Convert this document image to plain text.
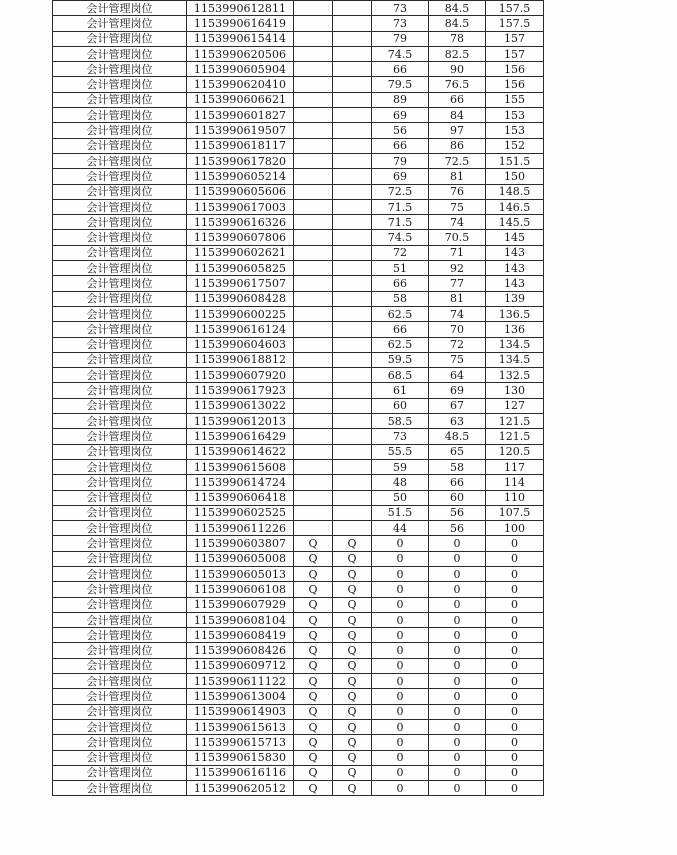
会计管理岗位	1153990612811			73	84.5	157.5
会计管理岗位	1153990616419			73	84.5	157.5
会计管理岗位	1153990615414			79	78	157
会计管理岗位	1153990620506			74.5	82.5	157
会计管理岗位	1153990605904			66	90	156
会计管理岗位	1153990620410			79.5	76.5	156
会计管理岗位	1153990606621			89	66	155
会计管理岗位	1153990601827			69	84	153
会计管理岗位	1153990619507			56	97	153
会计管理岗位	1153990618117			66	86	152
会计管理岗位	1153990617820			79	72.5	151.5
会计管理岗位	1153990605214			69	81	150
会计管理岗位	1153990605606			72.5	76	148.5
会计管理岗位	1153990617003			71.5	75	146.5
会计管理岗位	1153990616326			71.5	74	145.5
会计管理岗位	1153990607806			74.5	70.5	145
会计管理岗位	1153990602621			72	71	143
会计管理岗位	1153990605825			51	92	143
会计管理岗位	1153990617507			66	77	143
会计管理岗位	1153990608428			58	81	139
会计管理岗位	1153990600225			62.5	74	136.5
会计管理岗位	1153990616124			66	70	136
会计管理岗位	1153990604603			62.5	72	134.5
会计管理岗位	1153990618812			59.5	75	134.5
会计管理岗位	1153990607920			68.5	64	132.5
会计管理岗位	1153990617923			61	69	130
会计管理岗位	1153990613022			60	67	127
会计管理岗位	1153990612013			58.5	63	121.5
会计管理岗位	1153990616429			73	48.5	121.5
会计管理岗位	1153990614622			55.5	65	120.5
会计管理岗位	1153990615608			59	58	117
会计管理岗位	1153990614724			48	66	114
会计管理岗位	1153990606418			50	60	110
会计管理岗位	1153990602525			51.5	56	107.5
会计管理岗位	1153990611226			44	56	100
会计管理岗位	1153990603807	Q	Q	0	0	0
会计管理岗位	1153990605008	Q	Q	0	0	0
会计管理岗位	1153990605013	Q	Q	0	0	0
会计管理岗位	1153990606108	Q	Q	0	0	0
会计管理岗位	1153990607929	Q	Q	0	0	0
会计管理岗位	1153990608104	Q	Q	0	0	0
会计管理岗位	1153990608419	Q	Q	0	0	0
会计管理岗位	1153990608426	Q	Q	0	0	0
会计管理岗位	1153990609712	Q	Q	0	0	0
会计管理岗位	1153990611122	Q	Q	0	0	0
会计管理岗位	1153990613004	Q	Q	0	0	0
会计管理岗位	1153990614903	Q	Q	0	0	0
会计管理岗位	1153990615613	Q	Q	0	0	0
会计管理岗位	1153990615713	Q	Q	0	0	0
会计管理岗位	1153990615830	Q	Q	0	0	0
会计管理岗位	1153990616116	Q	Q	0	0	0
会计管理岗位	1153990620512	Q	Q	0	0	0
